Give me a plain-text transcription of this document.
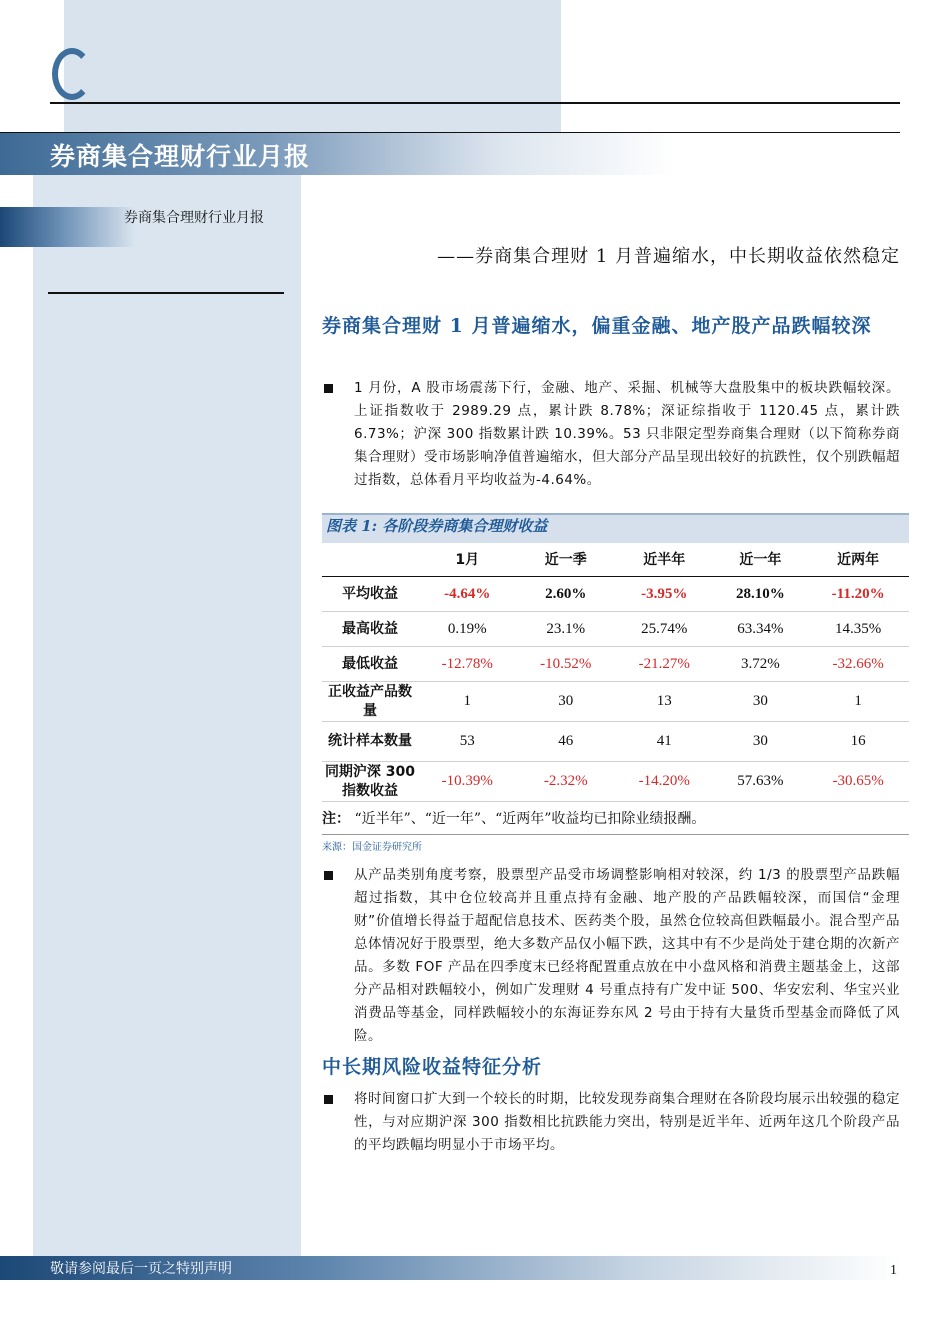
券商集合理财行业月报
券商集合理财行业月报
——券商集合理财 1 月普遍缩水，中长期收益依然稳定
券商集合理财 1 月普遍缩水，偏重金融、地产股产品跌幅较深
1 月份，A 股市场震荡下行，金融、地产、采掘、机械等大盘股集中的板块跌幅较深。上证指数收于 2989.29 点，累计跌 8.78%；深证综指收于 1120.45 点，累计跌 6.73%；沪深 300 指数累计跌 10.39%。53 只非限定型券商集合理财（以下简称券商集合理财）受市场影响净值普遍缩水，但大部分产品呈现出较好的抗跌性，仅个别跌幅超过指数，总体看月平均收益为-4.64%。
图表 1: 各阶段券商集合理财收益
	1月	近一季	近半年	近一年	近两年
平均收益	-4.64%	2.60%	-3.95%	28.10%	-11.20%
最高收益	0.19%	23.1%	25.74%	63.34%	14.35%
最低收益	-12.78%	-10.52%	-21.27%	3.72%	-32.66%
正收益产品数量	1	30	13	30	1
统计样本数量	53	46	41	30	16
同期沪深 300 指数收益	-10.39%	-2.32%	-14.20%	57.63%	-30.65%
注： “近半年”、“近一年”、“近两年”收益均已扣除业绩报酬。
来源：国金证券研究所
从产品类别角度考察，股票型产品受市场调整影响相对较深，约 1/3 的股票型产品跌幅超过指数，其中仓位较高并且重点持有金融、地产股的产品跌幅较深，而国信“金理财”价值增长得益于超配信息技术、医药类个股，虽然仓位较高但跌幅最小。混合型产品总体情况好于股票型，绝大多数产品仅小幅下跌，这其中有不少是尚处于建仓期的次新产品。多数 FOF 产品在四季度末已经将配置重点放在中小盘风格和消费主题基金上，这部分产品相对跌幅较小，例如广发理财 4 号重点持有广发中证 500、华安宏利、华宝兴业消费品等基金，同样跌幅较小的东海证券东风 2 号由于持有大量货币型基金而降低了风险。
中长期风险收益特征分析
将时间窗口扩大到一个较长的时期，比较发现券商集合理财在各阶段均展示出较强的稳定性，与对应期沪深 300 指数相比抗跌能力突出，特别是近半年、近两年这几个阶段产品的平均跌幅均明显小于市场平均。
敬请参阅最后一页之特别声明	1
